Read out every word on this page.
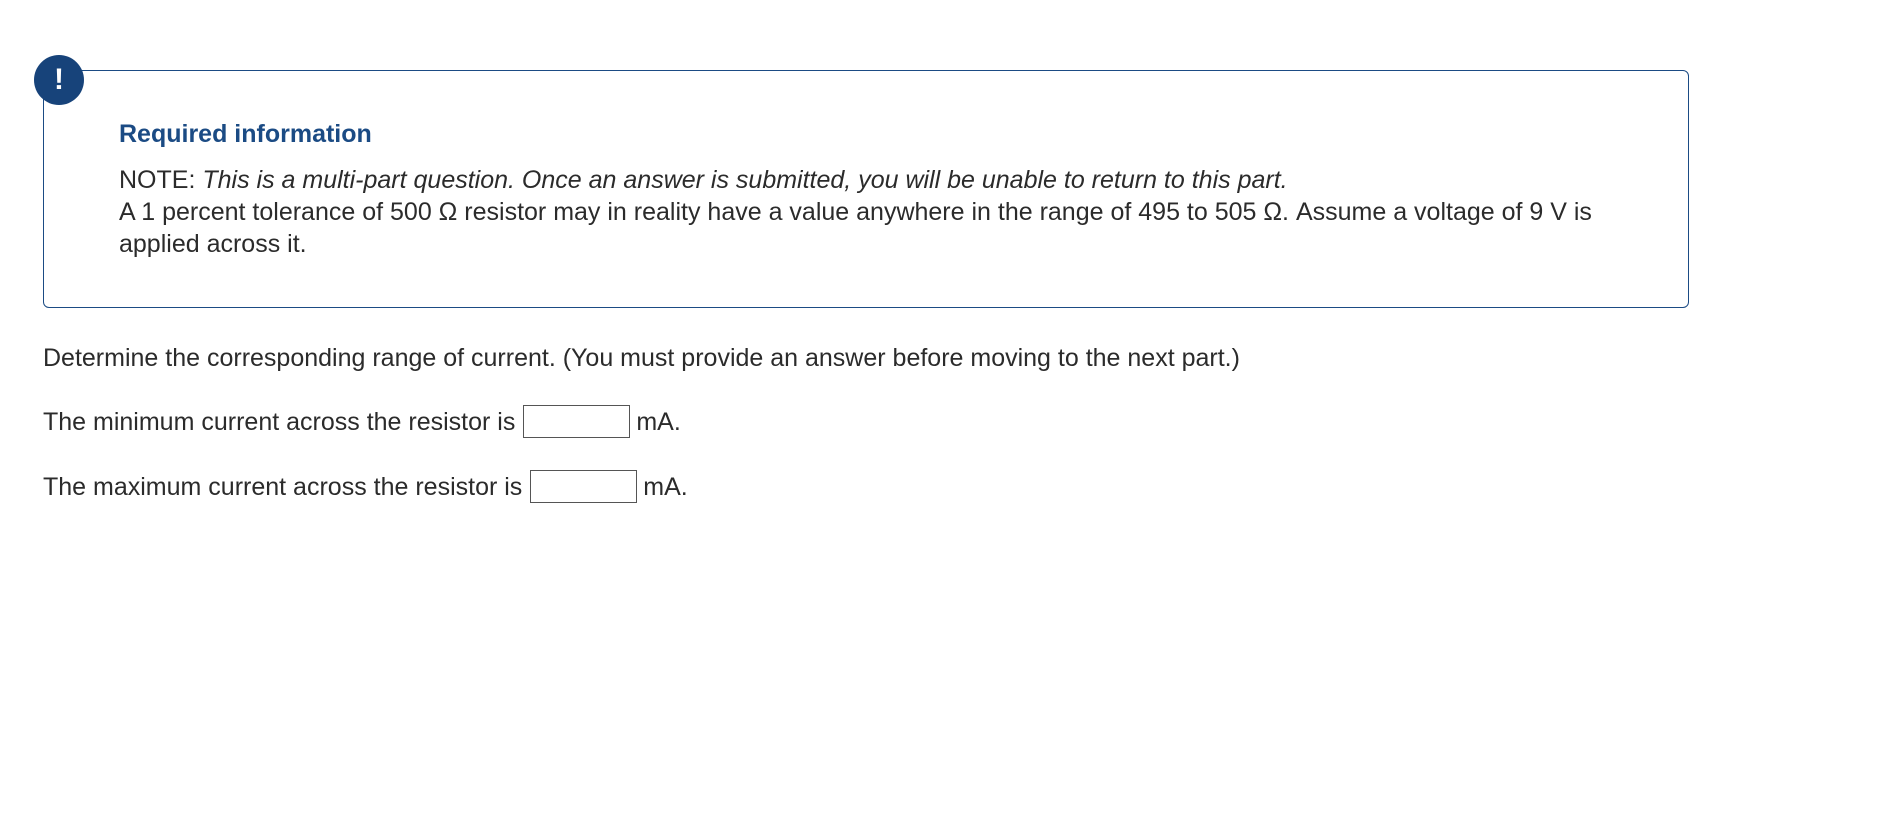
Required information
NOTE: This is a multi-part question. Once an answer is submitted, you will be unable to return to this part.
A 1 percent tolerance of 500 Ω resistor may in reality have a value anywhere in the range of 495 to 505 Ω. Assume a voltage of 9 V is applied across it.
!
Determine the corresponding range of current. (You must provide an answer before moving to the next part.)
The minimum current across the resistor is	mA.
The maximum current across the resistor is	mA.
